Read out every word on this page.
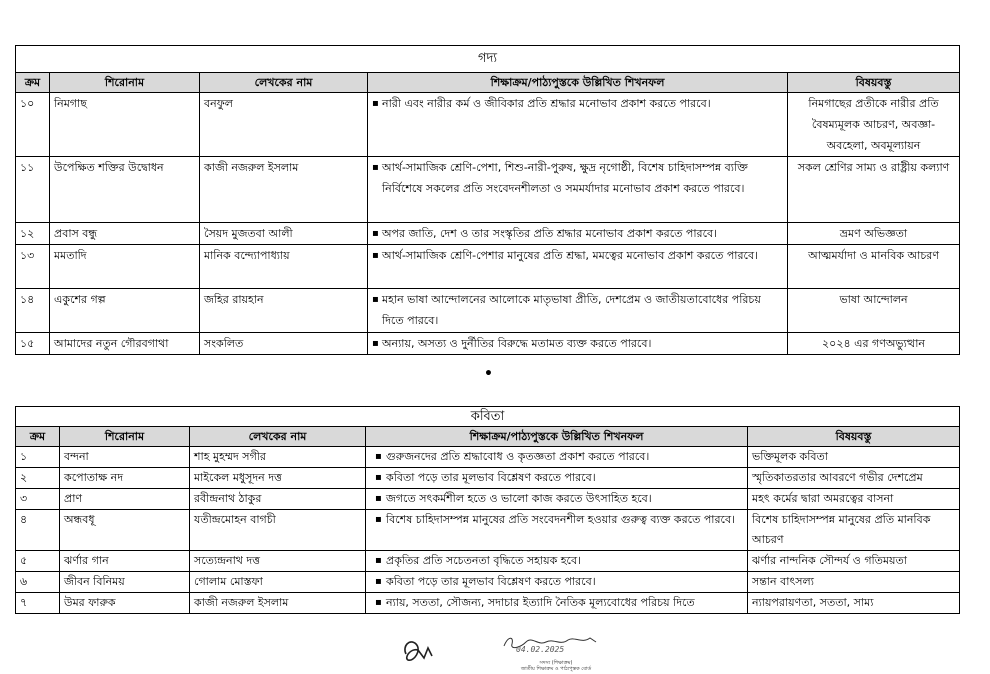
গদ্য				
ক্রম	শিরোনাম	লেখকের নাম	শিক্ষাক্রম/পাঠ্যপুস্তকে উল্লিখিত শিখনফল	বিষয়বস্তু
১০	নিমগাছ	বনফুল	▪ নারী এবং নারীর কর্ম ও জীবিকার প্রতি শ্রদ্ধার মনোভাব প্রকাশ করতে পারবে।	নিমগাছের প্রতীকে নারীর প্রতি বৈষম্যমূলক আচরণ, অবজ্ঞা-অবহেলা, অবমূল্যায়ন
১১	উপেক্ষিত শক্তির উদ্বোধন	কাজী নজরুল ইসলাম	▪ আর্থ-সামাজিক শ্রেণি-পেশা, শিশু-নারী-পুরুষ, ক্ষুদ্র নৃগোষ্ঠী, বিশেষ চাহিদাসম্পন্ন ব্যক্তি নির্বিশেষে সকলের প্রতি সংবেদনশীলতা ও সমমর্যাদার মনোভাব প্রকাশ করতে পারবে।	সকল শ্রেণির সাম্য ও রাষ্ট্রীয় কল্যাণ
১২	প্রবাস বন্ধু	সৈয়দ মুজতবা আলী	▪ অপর জাতি, দেশ ও তার সংস্কৃতির প্রতি শ্রদ্ধার মনোভাব প্রকাশ করতে পারবে।	ভ্রমণ অভিজ্ঞতা
১৩	মমতাদি	মানিক বন্দ্যোপাধ্যায়	▪ আর্থ-সামাজিক শ্রেণি-পেশার মানুষের প্রতি শ্রদ্ধা, মমত্বের মনোভাব প্রকাশ করতে পারবে।	আত্মমর্যাদা ও মানবিক আচরণ
১৪	একুশের গল্প	জহির রায়হান	▪ মহান ভাষা আন্দোলনের আলোকে মাতৃভাষা প্রীতি, দেশপ্রেম ও জাতীয়তাবোধের পরিচয় দিতে পারবে।	ভাষা আন্দোলন
১৫	আমাদের নতুন গৌরবগাথা	সংকলিত	▪ অন্যায়, অসত্য ও দুর্নীতির বিরুদ্ধে মতামত ব্যক্ত করতে পারবে।	২০২৪ এর গণঅভ্যুত্থান
•
কবিতা				
ক্রম	শিরোনাম	লেখকের নাম	শিক্ষাক্রম/পাঠ্যপুস্তকে উল্লিখিত শিখনফল	বিষয়বস্তু
১	বন্দনা	শাহ মুহম্মদ সগীর	▪ গুরুজনদের প্রতি শ্রদ্ধাবোধ ও কৃতজ্ঞতা প্রকাশ করতে পারবে।	ভক্তিমূলক কবিতা
২	কপোতাক্ষ নদ	মাইকেল মধুসূদন দত্ত	▪ কবিতা পড়ে তার মূলভাব বিশ্লেষণ করতে পারবে।	স্মৃতিকাতরতার আবরণে গভীর দেশপ্রেম
৩	প্রাণ	রবীন্দ্রনাথ ঠাকুর	▪ জগতে সৎকর্মশীল হতে ও ভালো কাজ করতে উৎসাহিত হবে।	মহৎ কর্মের দ্বারা অমরত্বের বাসনা
৪	অন্ধবধূ	যতীন্দ্রমোহন বাগচী	▪ বিশেষ চাহিদাসম্পন্ন মানুষের প্রতি সংবেদনশীল হওয়ার গুরুত্ব ব্যক্ত করতে পারবে।	বিশেষ চাহিদাসম্পন্ন মানুষের প্রতি মানবিক আচরণ
৫	ঝর্ণার গান	সত্যেন্দ্রনাথ দত্ত	▪ প্রকৃতির প্রতি সচেতনতা বৃদ্ধিতে সহায়ক হবে।	ঝর্ণার নান্দনিক সৌন্দর্য ও গতিময়তা
৬	জীবন বিনিময়	গোলাম মোস্তফা	▪ কবিতা পড়ে তার মূলভাব বিশ্লেষণ করতে পারবে।	সন্তান বাৎসল্য
৭	উমর ফারুক	কাজী নজরুল ইসলাম	▪ ন্যায়, সততা, সৌজন্য, সদাচার ইত্যাদি নৈতিক মূল্যবোধের পরিচয় দিতে	ন্যায়পরায়ণতা, সততা, সাম্য
04.02.2025
সদস্য (শিক্ষাক্রম)
জাতীয় শিক্ষাক্রম ও পাঠ্যপুস্তক বোর্ড
